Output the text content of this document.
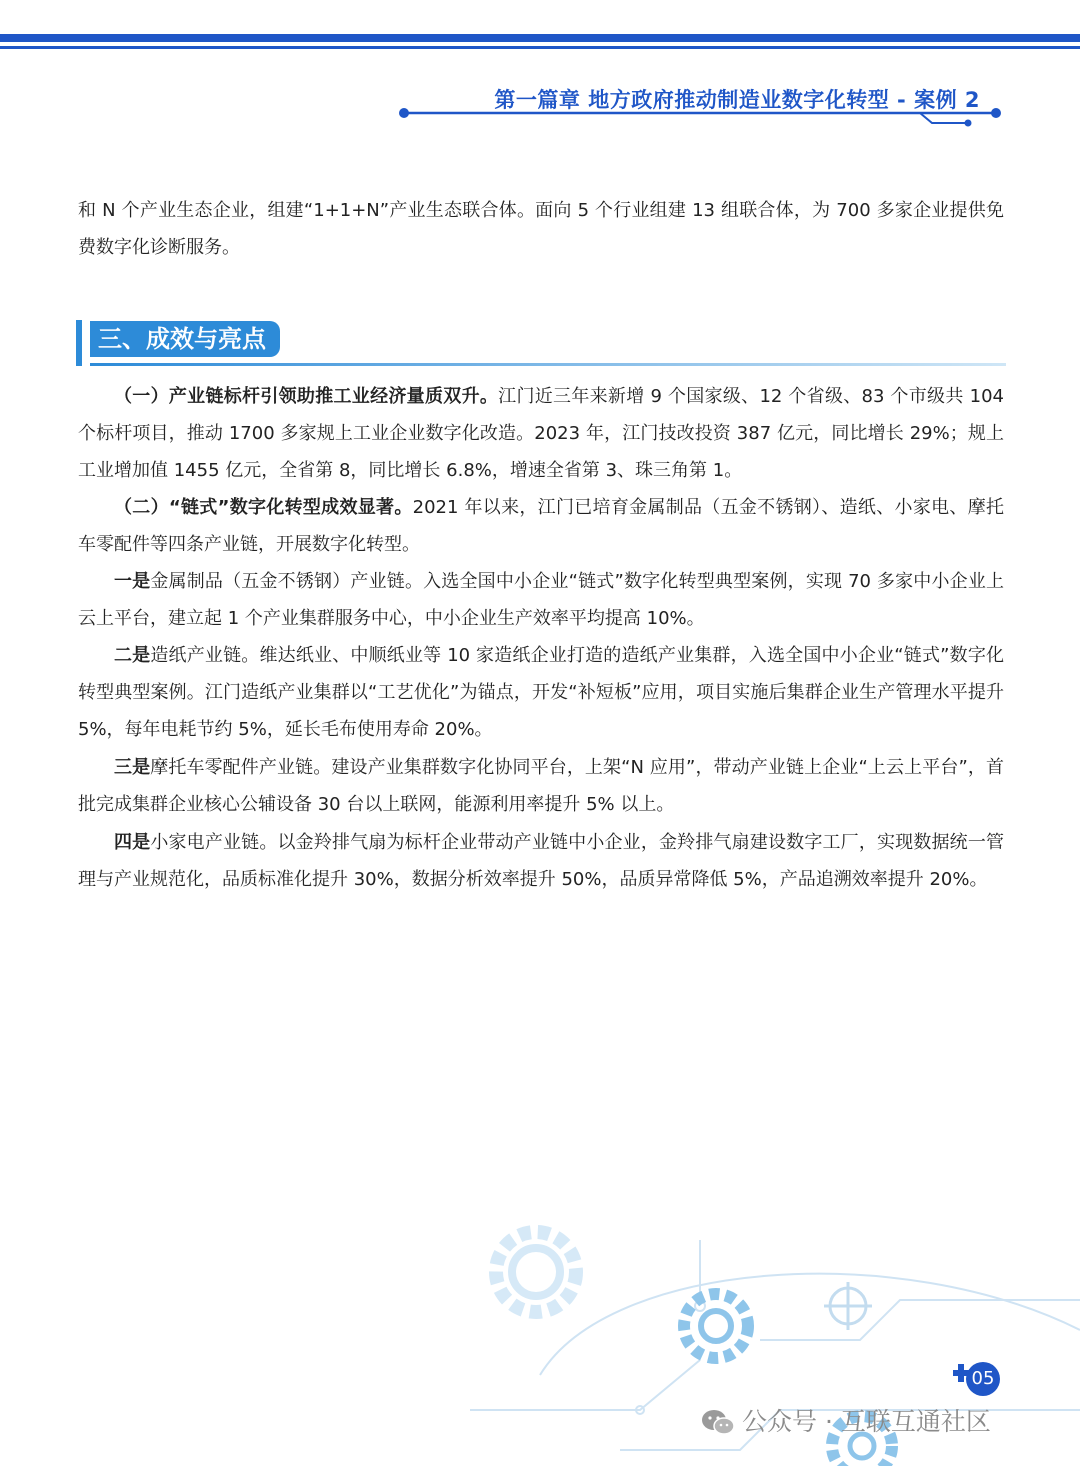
第一篇章 地方政府推动制造业数字化转型 - 案例 2

和 N 个产业生态企业，组建“1+1+N”产业生态联合体。面向 5 个行业组建 13 组联合体，为 700 多家企业提供免费数字化诊断服务。

三、成效与亮点

（一）产业链标杆引领助推工业经济量质双升。江门近三年来新增 9 个国家级、12 个省级、83 个市级共 104 个标杆项目，推动 1700 多家规上工业企业数字化改造。2023 年，江门技改投资 387 亿元，同比增长 29%；规上工业增加值 1455 亿元，全省第 8，同比增长 6.8%，增速全省第 3、珠三角第 1。

（二）“链式”数字化转型成效显著。2021 年以来，江门已培育金属制品（五金不锈钢）、造纸、小家电、摩托车零配件等四条产业链，开展数字化转型。

一是金属制品（五金不锈钢）产业链。入选全国中小企业“链式”数字化转型典型案例，实现 70 多家中小企业上云上平台，建立起 1 个产业集群服务中心，中小企业生产效率平均提高 10%。

二是造纸产业链。维达纸业、中顺纸业等 10 家造纸企业打造的造纸产业集群，入选全国中小企业“链式”数字化转型典型案例。江门造纸产业集群以“工艺优化”为锚点，开发“补短板”应用，项目实施后集群企业生产管理水平提升 5%，每年电耗节约 5%，延长毛布使用寿命 20%。

三是摩托车零配件产业链。建设产业集群数字化协同平台，上架“N 应用”，带动产业链上企业“上云上平台”，首批完成集群企业核心公辅设备 30 台以上联网，能源利用率提升 5% 以上。

四是小家电产业链。以金羚排气扇为标杆企业带动产业链中小企业，金羚排气扇建设数字工厂，实现数据统一管理与产业规范化，品质标准化提升 30%，数据分析效率提升 50%，品质异常降低 5%，产品追溯效率提升 20%。

05
公众号 · 互联互通社区
